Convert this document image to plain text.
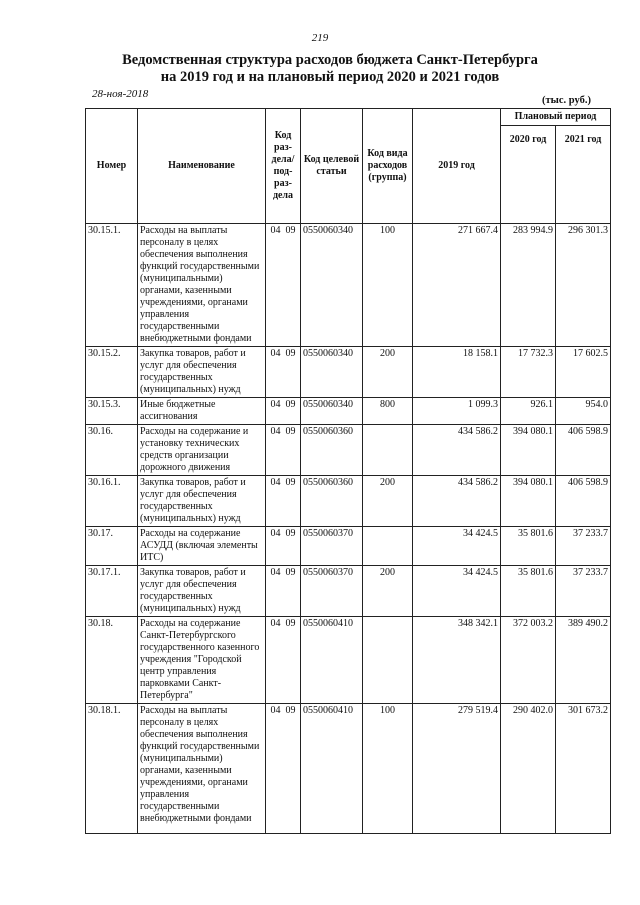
219
Ведомственная структура расходов бюджета Санкт-Петербурга
на 2019 год и на плановый период 2020 и 2021 годов
28-ноя-2018
(тыс. руб.)
Номер	Наименование	Код раз-дела/ под-раз-дела	Код целевой статьи	Код вида расходов (группа)	2019 год	Плановый период	
						2020 год	2021 год
30.15.1.	Расходы на выплаты персоналу в целях обеспечения выполнения функций государственными (муниципальными) органами, казенными учреждениями, органами управления государственными внебюджетными фондами	04 09	0550060340	100	271 667.4	283 994.9	296 301.3
30.15.2.	Закупка товаров, работ и услуг для обеспечения государственных (муниципальных) нужд	04 09	0550060340	200	18 158.1	17 732.3	17 602.5
30.15.3.	Иные бюджетные ассигнования	04 09	0550060340	800	1 099.3	926.1	954.0
30.16.	Расходы на содержание и установку технических средств организации дорожного движения	04 09	0550060360		434 586.2	394 080.1	406 598.9
30.16.1.	Закупка товаров, работ и услуг для обеспечения государственных (муниципальных) нужд	04 09	0550060360	200	434 586.2	394 080.1	406 598.9
30.17.	Расходы на содержание АСУДД (включая элементы ИТС)	04 09	0550060370		34 424.5	35 801.6	37 233.7
30.17.1.	Закупка товаров, работ и услуг для обеспечения государственных (муниципальных) нужд	04 09	0550060370	200	34 424.5	35 801.6	37 233.7
30.18.	Расходы на содержание Санкт-Петербургского государственного казенного учреждения "Городской центр управления парковками Санкт-Петербурга"	04 09	0550060410		348 342.1	372 003.2	389 490.2
30.18.1.	Расходы на выплаты персоналу в целях обеспечения выполнения функций государственными (муниципальными) органами, казенными учреждениями, органами управления государственными внебюджетными фондами	04 09	0550060410	100	279 519.4	290 402.0	301 673.2
